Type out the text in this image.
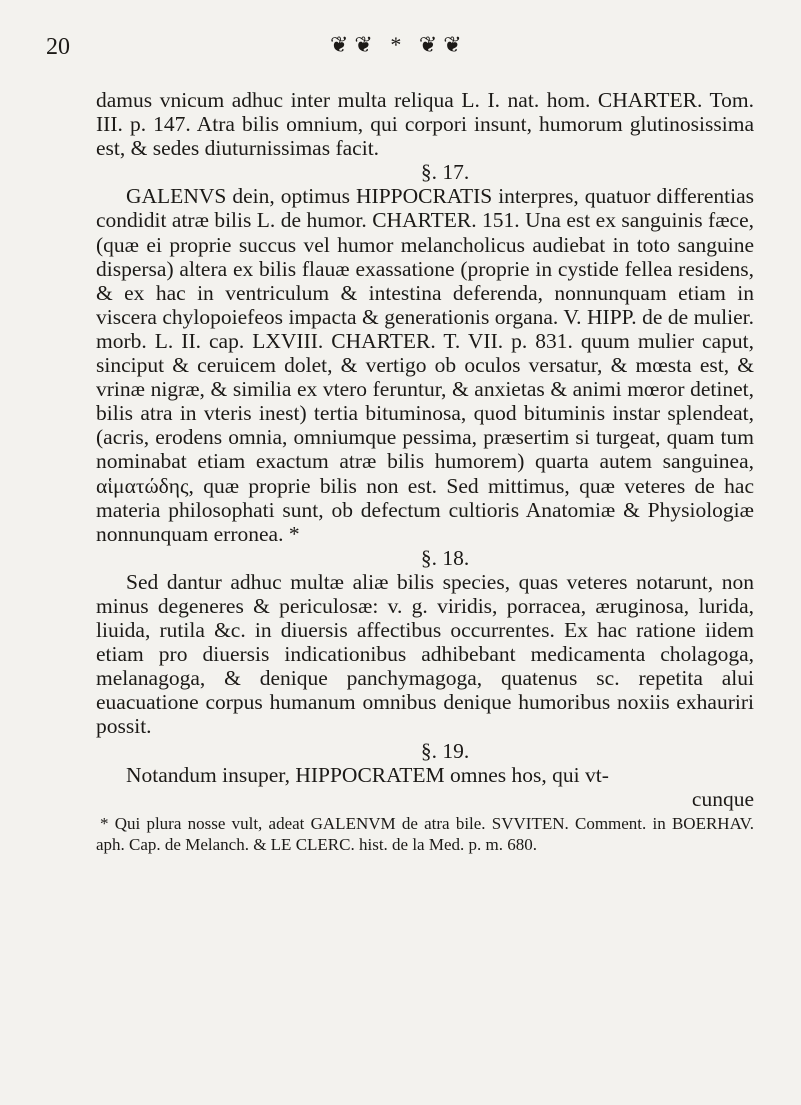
20	❦❦ * ❦❦

damus vnicum adhuc inter multa reliqua L. I. nat. hom. CHARTER. Tom. III. p. 147. Atra bilis omnium, qui corpori insunt, humorum glutinosissima est, & sedes diuturnissimas facit.

§. 17.

GALENVS dein, optimus HIPPOCRATIS interpres, quatuor differentias condidit atræ bilis L. de humor. CHARTER. 151. Una est ex sanguinis fæce, (quæ ei proprie succus vel humor melancholicus audiebat in toto sanguine dispersa) altera ex bilis flauæ exassatione (proprie in cystide fellea residens, & ex hac in ventriculum & intestina deferenda, nonnunquam etiam in viscera chylopoiefeos impacta & generationis organa. V. HIPP. de de mulier. morb. L. II. cap. LXVIII. CHARTER. T. VII. p. 831. quum mulier caput, sinciput & ceruicem dolet, & vertigo ob oculos versatur, & mœsta est, & vrinæ nigræ, & similia ex vtero feruntur, & anxietas & animi mœror detinet, bilis atra in vteris inest) tertia bituminosa, quod bituminis instar splendeat, (acris, erodens omnia, omniumque pessima, præsertim si turgeat, quam tum nominabat etiam exactum atræ bilis humorem) quarta autem sanguinea, αἱματώδης, quæ proprie bilis non est. Sed mittimus, quæ veteres de hac materia philosophati sunt, ob defectum cultioris Anatomiæ & Physiologiæ nonnunquam erronea. *

§. 18.

Sed dantur adhuc multæ aliæ bilis species, quas veteres notarunt, non minus degeneres & periculosæ: v. g. viridis, porracea, æruginosa, lurida, liuida, rutila &c. in diuersis affectibus occurrentes. Ex hac ratione iidem etiam pro diuersis indicationibus adhibebant medicamenta cholagoga, melanagoga, & denique panchymagoga, quatenus sc. repetita alui euacuatione corpus humanum omnibus denique humoribus noxiis exhauriri possit.

§. 19.

Notandum insuper, HIPPOCRATEM omnes hos, qui vt-

cunque

* Qui plura nosse vult, adeat GALENVM de atra bile. SVVITEN. Comment. in BOERHAV. aph. Cap. de Melanch. & LE CLERC. hist. de la Med. p. m. 680.
